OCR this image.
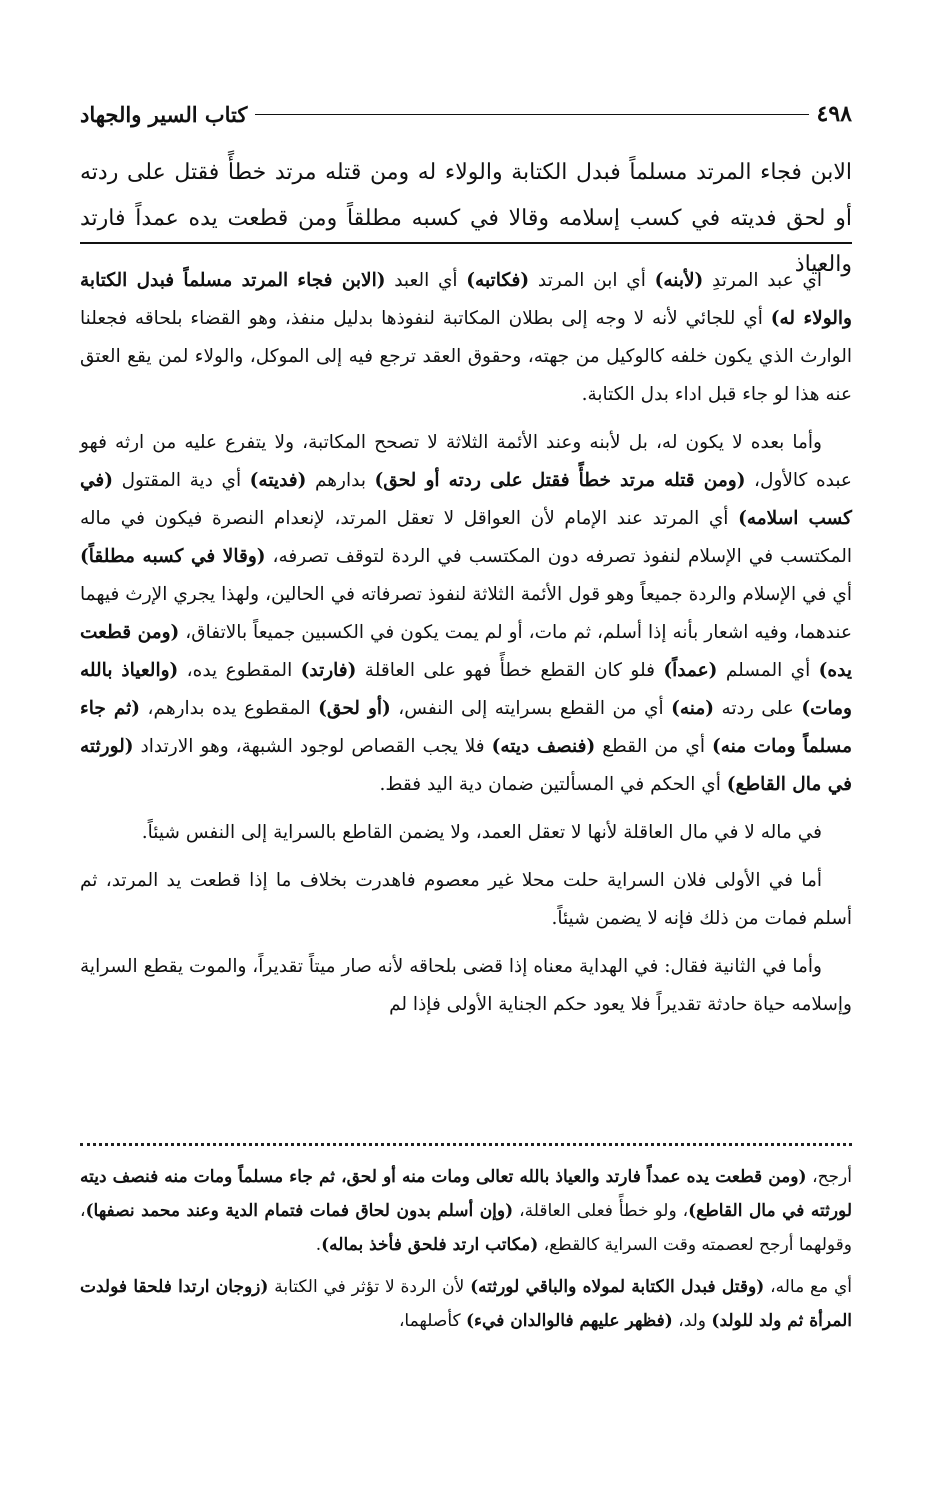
٤٩٨
كتاب السير والجهاد
الابن فجاء المرتد مسلماً فبدل الكتابة والولاء له ومن قتله مرتد خطأً فقتل على ردته أو لحق فديته في كسب إسلامه وقالا في كسبه مطلقاً ومن قطعت يده عمداً فارتد والعياذ

أي عبد المرتدِ (لأبنه) أي ابن المرتد (فكاتبه) أي العبد (الابن فجاء المرتد مسلماً فبدل الكتابة والولاء له) أي للجائي لأنه لا وجه إلى بطلان المكاتبة لنفوذها بدليل منفذ، وهو القضاء بلحاقه فجعلنا الوارث الذي يكون خلفه كالوكيل من جهته، وحقوق العقد ترجع فيه إلى الموكل، والولاء لمن يقع العتق عنه هذا لو جاء قبل اداء بدل الكتابة.

وأما بعده لا يكون له، بل لأبنه وعند الأئمة الثلاثة لا تصحح المكاتبة، ولا يتفرع عليه من ارثه فهو عبده كالأول، (ومن قتله مرتد خطأً فقتل على ردته أو لحق) بدارهم (فديته) أي دية المقتول (في كسب اسلامه) أي المرتد عند الإمام لأن العواقل لا تعقل المرتد، لإنعدام النصرة فيكون في ماله المكتسب في الإسلام لنفوذ تصرفه دون المكتسب في الردة لتوقف تصرفه، (وقالا في كسبه مطلقاً) أي في الإسلام والردة جميعاً وهو قول الأئمة الثلاثة لنفوذ تصرفاته في الحالين، ولهذا يجري الإرث فيهما عندهما، وفيه اشعار بأنه إذا أسلم، ثم مات، أو لم يمت يكون في الكسبين جميعاً بالاتفاق، (ومن قطعت يده) أي المسلم (عمداً) فلو كان القطع خطأً فهو على العاقلة (فارتد) المقطوع يده، (والعياذ بالله ومات) على ردته (منه) أي من القطع بسرايته إلى النفس، (أو لحق) المقطوع يده بدارهم، (ثم جاء مسلماً ومات منه) أي من القطع (فنصف ديته) فلا يجب القصاص لوجود الشبهة، وهو الارتداد (لورثته في مال القاطع) أي الحكم في المسألتين ضمان دية اليد فقط.

في ماله لا في مال العاقلة لأنها لا تعقل العمد، ولا يضمن القاطع بالسراية إلى النفس شيئاً.

أما في الأولى فلان السراية حلت محلا غير معصوم فاهدرت بخلاف ما إذا قطعت يد المرتد، ثم أسلم فمات من ذلك فإنه لا يضمن شيئاً.

وأما في الثانية فقال: في الهداية معناه إذا قضى بلحاقه لأنه صار ميتاً تقديراً، والموت يقطع السراية وإسلامه حياة حادثة تقديراً فلا يعود حكم الجناية الأولى فإذا لم

أرجح، (ومن قطعت يده عمداً فارتد والعياذ بالله تعالى ومات منه أو لحق، ثم جاء مسلماً ومات منه فنصف ديته لورثته في مال القاطع)، ولو خطأً فعلى العاقلة، (وإن أسلم بدون لحاق فمات فتمام الدية وعند محمد نصفها)، وقولهما أرجح لعصمته وقت السراية كالقطع، (مكاتب ارتد فلحق فأخذ بماله).

أي مع ماله، (وقتل فبدل الكتابة لمولاه والباقي لورثته) لأن الردة لا تؤثر في الكتابة (زوجان ارتدا فلحقا فولدت المرأة ثم ولد للولد) ولد، (فظهر عليهم فالوالدان فيء) كأصلهما،
